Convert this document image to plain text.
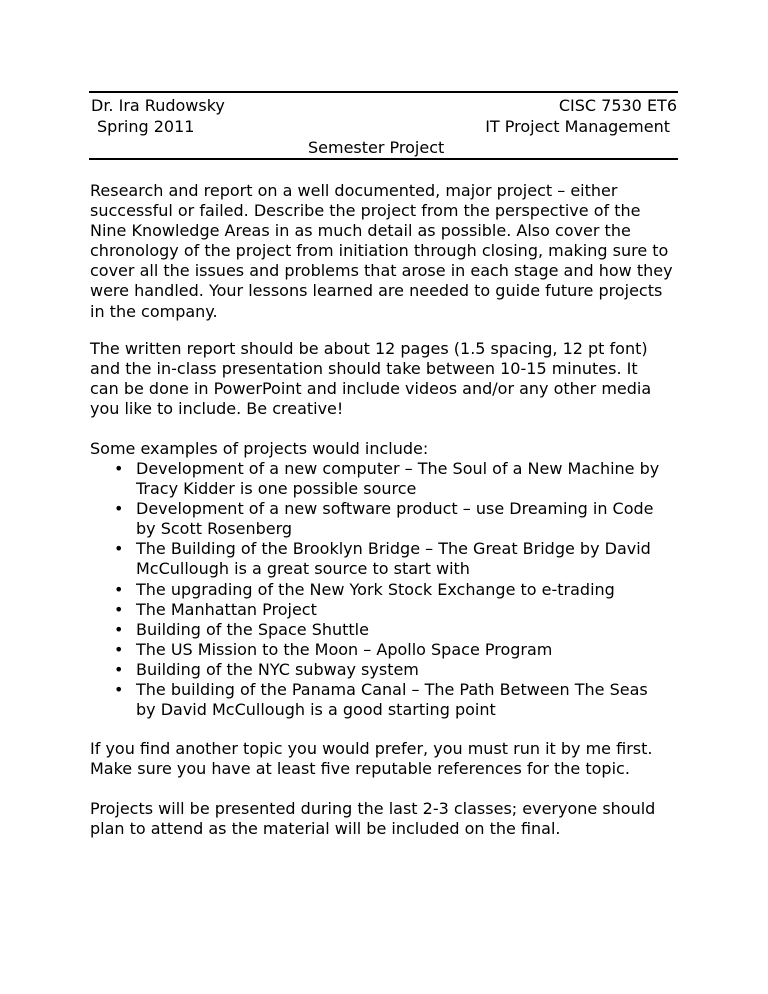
Dr. Ira Rudowsky	CISC 7530 ET6
Spring 2011	IT Project Management
Semester Project
Research and report on a well documented, major project – either
successful or failed. Describe the project from the perspective of the
Nine Knowledge Areas in as much detail as possible. Also cover the
chronology of the project from initiation through closing, making sure to
cover all the issues and problems that arose in each stage and how they
were handled. Your lessons learned are needed to guide future projects
in the company.
The written report should be about 12 pages (1.5 spacing, 12 pt font)
and the in-class presentation should take between 10-15 minutes. It
can be done in PowerPoint and include videos and/or any other media
you like to include. Be creative!
Some examples of projects would include:
• Development of a new computer – The Soul of a New Machine by
Tracy Kidder is one possible source
• Development of a new software product – use Dreaming in Code
by Scott Rosenberg
• The Building of the Brooklyn Bridge – The Great Bridge by David
McCullough is a great source to start with
• The upgrading of the New York Stock Exchange to e-trading
• The Manhattan Project
• Building of the Space Shuttle
• The US Mission to the Moon – Apollo Space Program
• Building of the NYC subway system
• The building of the Panama Canal – The Path Between The Seas
by David McCullough is a good starting point
If you find another topic you would prefer, you must run it by me first.
Make sure you have at least five reputable references for the topic.
Projects will be presented during the last 2-3 classes; everyone should
plan to attend as the material will be included on the final.
